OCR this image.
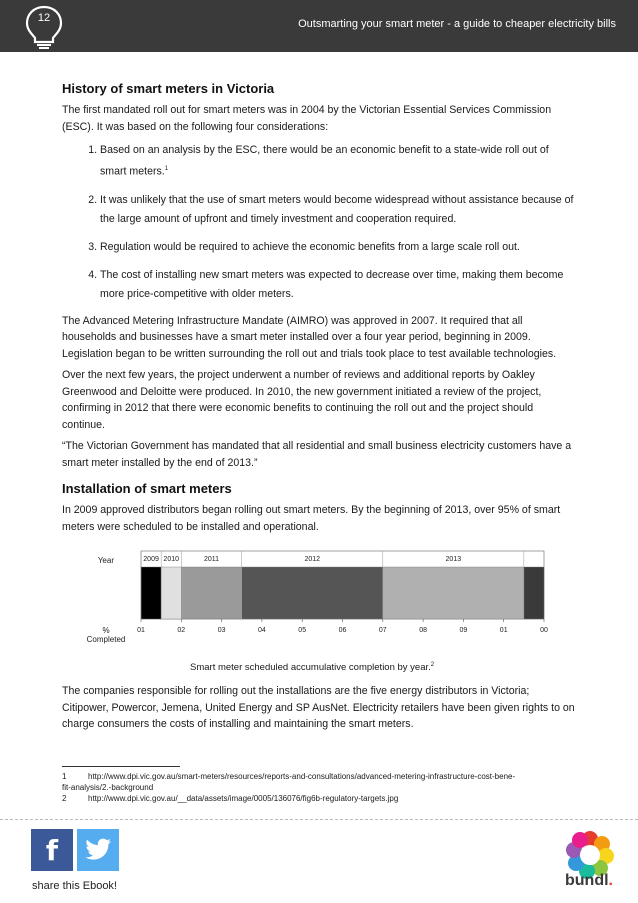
12	Outsmarting your smart meter - a guide to cheaper electricity bills
History of smart meters in Victoria

The first mandated roll out for smart meters was in 2004 by the Victorian Essential Services Commission (ESC). It was based on the following four considerations:

1. Based on an analysis by the ESC, there would be an economic benefit to a state-wide roll out of smart meters.$^1$
2. It was unlikely that the use of smart meters would become widespread without assistance because of the large amount of upfront and timely investment and cooperation required.
3. Regulation would be required to achieve the economic benefits from a large scale roll out.
4. The cost of installing new smart meters was expected to decrease over time, making them become more price-competitive with older meters.

The Advanced Metering Infrastructure Mandate (AIMRO) was approved in 2007. It required that all households and businesses have a smart meter installed over a four year period, beginning in 2009. Legislation began to be written surrounding the roll out and trials took place to test available technologies.

Over the next few years, the project underwent a number of reviews and additional reports by Oakley Greenwood and Deloitte were produced. In 2010, the new government initiated a review of the project, confirming in 2012 that there were economic benefits to continuing the roll out and the project should continue.

“The Victorian Government has mandated that all residential and small business electricity customers have a smart meter installed by the end of 2013.”

Installation of smart meters

In 2009 approved distributors began rolling out smart meters. By the beginning of 2013, over 95% of smart meters were scheduled to be installed and operational.

Year
%
Completed
2009 2010	2011	2012	2013
01	02	03	04	05	06	07	08	09	01	00
Smart meter scheduled accumulative completion by year.$^2$

The companies responsible for rolling out the installations are the five energy distributors in Victoria; Citipower, Powercor, Jemena, United Energy and SP AusNet. Electricity retailers have been given rights to on charge consumers the costs of installing and maintaining the smart meters.

1	http://www.dpi.vic.gov.au/smart-meters/resources/reports-and-consultations/advanced-metering-infrastructure-cost-bene-
fit-analysis/2.-background
2	http://www.dpi.vic.gov.au/__data/assets/image/0005/136076/fig6b-regulatory-targets.jpg
f
share this Ebook!	bundl.
